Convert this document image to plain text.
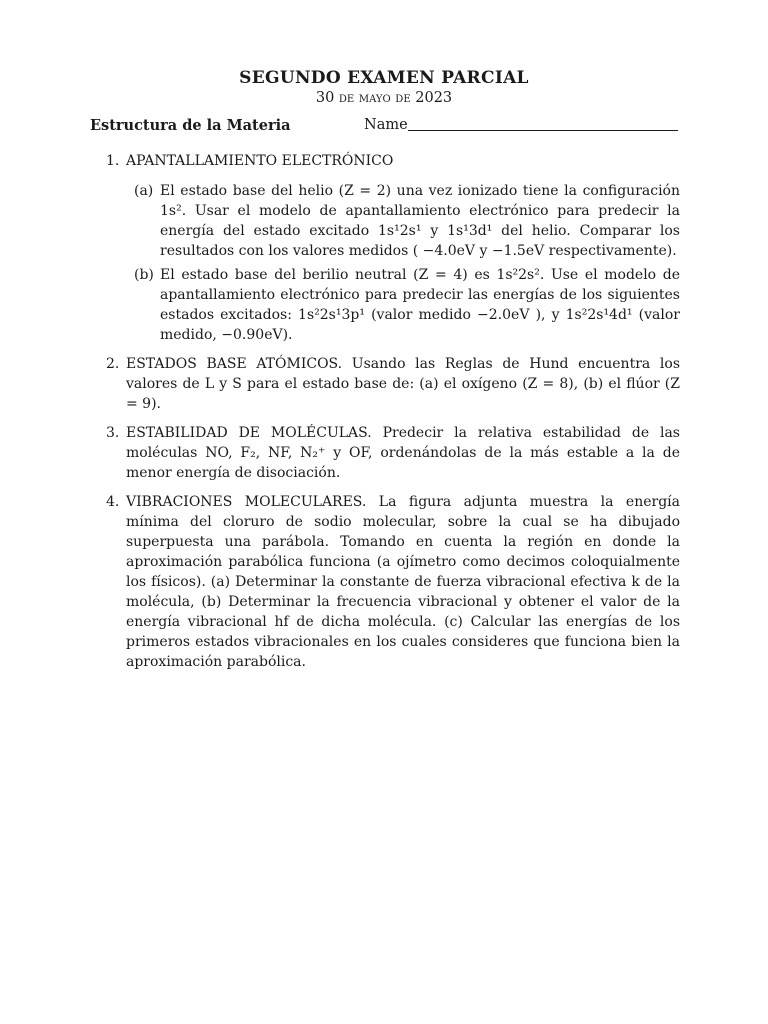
SEGUNDO EXAMEN PARCIAL
30 de mayo de 2023
Estructura de la Materia	Name
1. APANTALLAMIENTO ELECTRÓNICO
(a) El estado base del helio (Z = 2) una vez ionizado tiene la configuración 1s². Usar el modelo de apantallamiento electrónico para predecir la energía del estado excitado 1s¹2s¹ y 1s¹3d¹ del helio. Comparar los resultados con los valores medidos ( −4.0eV y −1.5eV respectivamente).
(b) El estado base del berilio neutral (Z = 4) es 1s²2s². Use el modelo de apantallamiento electrónico para predecir las energías de los siguientes estados excitados: 1s²2s¹3p¹ (valor medido −2.0eV ), y 1s²2s¹4d¹ (valor medido, −0.90eV).
2. ESTADOS BASE ATÓMICOS. Usando las Reglas de Hund encuentra los valores de L y S para el estado base de: (a) el oxígeno (Z = 8), (b) el flúor (Z = 9).
3. ESTABILIDAD DE MOLÉCULAS. Predecir la relativa estabilidad de las moléculas NO, F₂, NF, N₂⁺ y OF, ordenándolas de la más estable a la de menor energía de disociación.
4. VIBRACIONES MOLECULARES. La figura adjunta muestra la energía mínima del cloruro de sodio molecular, sobre la cual se ha dibujado superpuesta una parábola. Tomando en cuenta la región en donde la aproximación parabólica funciona (a ojímetro como decimos coloquialmente los físicos). (a) Determinar la constante de fuerza vibracional efectiva k de la molécula, (b) Determinar la frecuencia vibracional y obtener el valor de la energía vibracional hf de dicha molécula. (c) Calcular las energías de los primeros estados vibracionales en los cuales consideres que funciona bien la aproximación parabólica.
